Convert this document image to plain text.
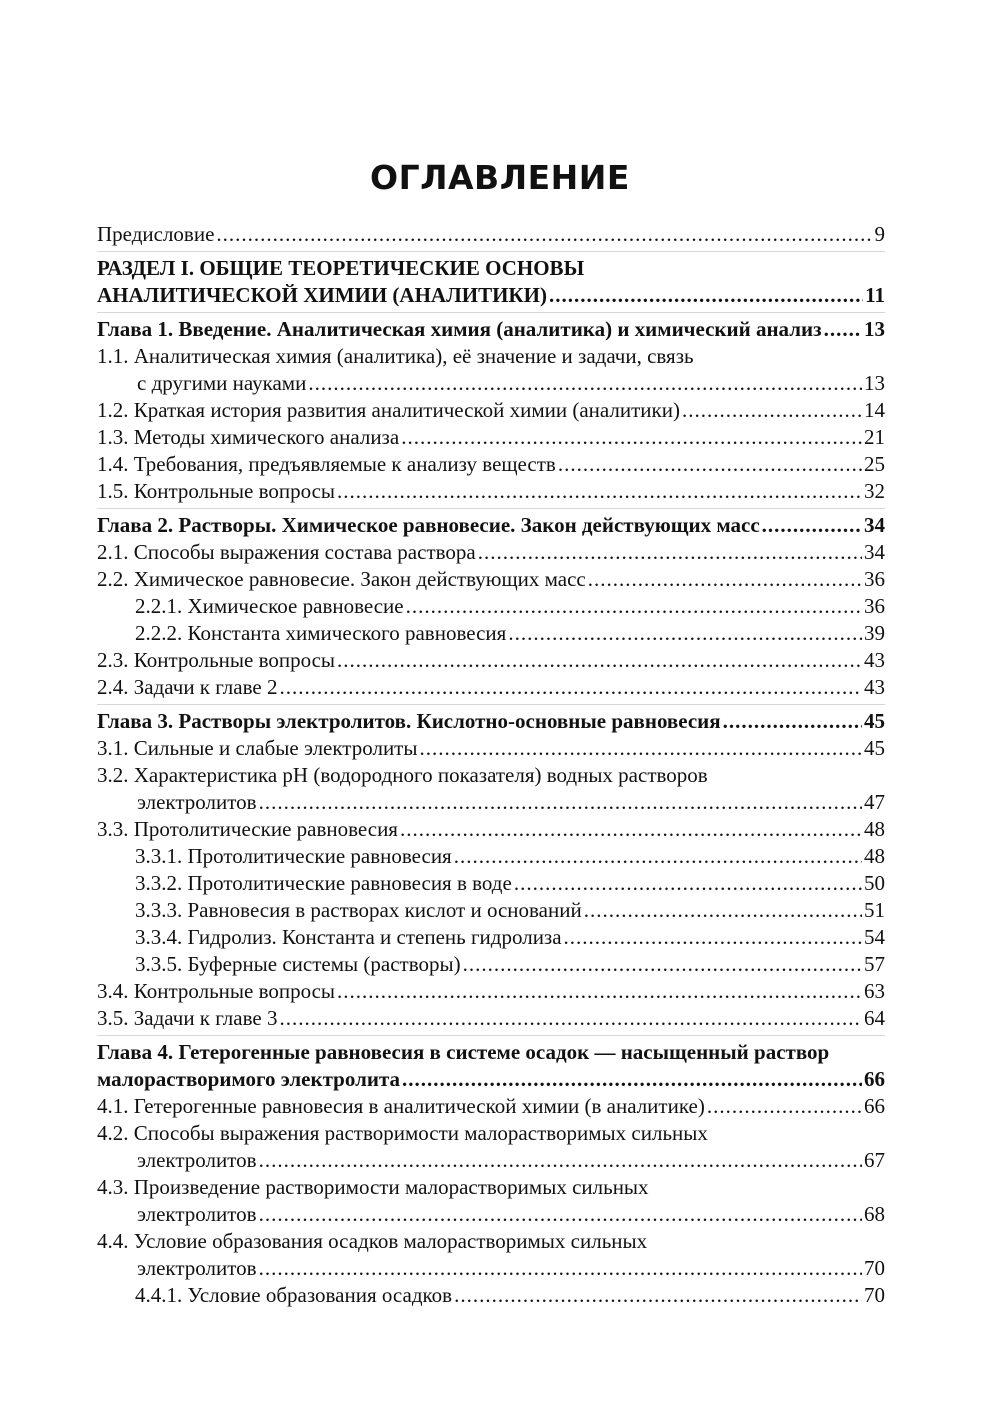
ОГЛАВЛЕНИЕ
Предисловие .....	9
РАЗДЕЛ I. ОБЩИЕ ТЕОРЕТИЧЕСКИЕ ОСНОВЫ
АНАЛИТИЧЕСКОЙ ХИМИИ (АНАЛИТИКИ) .....	11
Глава 1. Введение. Аналитическая химия (аналитика) и химический анализ ..... 13
1.1. Аналитическая химия (аналитика), её значение и задачи, связь
с другими науками .....	13
1.2. Краткая история развития аналитической химии (аналитики) .....	14
1.3. Методы химического анализа .....	21
1.4. Требования, предъявляемые к анализу веществ .....	25
1.5. Контрольные вопросы .....	32
Глава 2. Растворы. Химическое равновесие. Закон действующих масс .....	34
2.1. Способы выражения состава раствора .....	34
2.2. Химическое равновесие. Закон действующих масс .....	36
2.2.1. Химическое равновесие .....	36
2.2.2. Константа химического равновесия .....	39
2.3. Контрольные вопросы .....	43
2.4. Задачи к главе 2 .....	43
Глава 3. Растворы электролитов. Кислотно-основные равновесия .....	45
3.1. Сильные и слабые электролиты .....	45
3.2. Характеристика pH (водородного показателя) водных растворов
электролитов .....	47
3.3. Протолитические равновесия .....	48
3.3.1. Протолитические равновесия .....	48
3.3.2. Протолитические равновесия в воде .....	50
3.3.3. Равновесия в растворах кислот и оснований .....	51
3.3.4. Гидролиз. Константа и степень гидролиза .....	54
3.3.5. Буферные системы (растворы) .....	57
3.4. Контрольные вопросы .....	63
3.5. Задачи к главе 3 .....	64
Глава 4. Гетерогенные равновесия в системе осадок — насыщенный раствор
малорастворимого электролита .....	66
4.1. Гетерогенные равновесия в аналитической химии (в аналитике) .....	66
4.2. Способы выражения растворимости малорастворимых сильных
электролитов .....	67
4.3. Произведение растворимости малорастворимых сильных
электролитов .....	68
4.4. Условие образования осадков малорастворимых сильных
электролитов .....	70
4.4.1. Условие образования осадков .....	70
